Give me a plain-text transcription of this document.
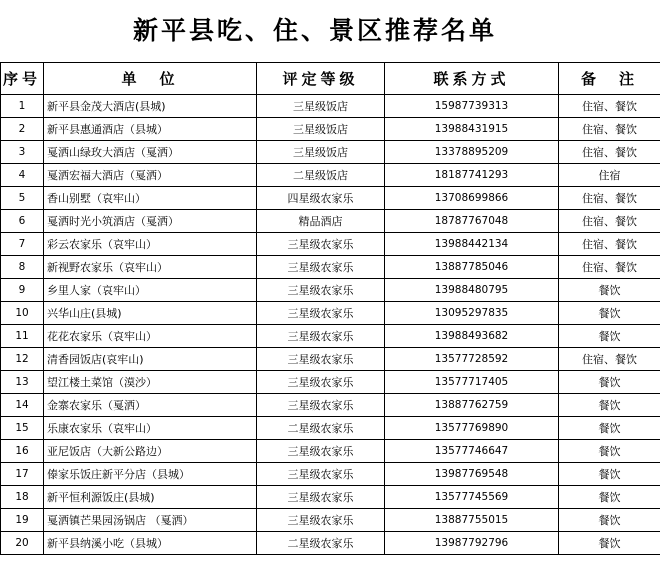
新平县吃、住、景区推荐名单
序号	单　位	评定等级	联系方式	备　注
1	新平县金茂大酒店(县城)	三星级饭店	15987739313	住宿、餐饮
2	新平县惠通酒店（县城）	三星级饭店	13988431915	住宿、餐饮
3	戛洒山绿玫大酒店（戛洒）	三星级饭店	13378895209	住宿、餐饮
4	戛洒宏福大酒店（戛洒）	二星级饭店	18187741293	住宿
5	香山别墅（哀牢山）	四星级农家乐	13708699866	住宿、餐饮
6	戛洒时光小筑酒店（戛洒）	精品酒店	18787767048	住宿、餐饮
7	彩云农家乐（哀牢山）	三星级农家乐	13988442134	住宿、餐饮
8	新视野农家乐（哀牢山）	三星级农家乐	13887785046	住宿、餐饮
9	乡里人家（哀牢山）	三星级农家乐	13988480795	餐饮
10	兴华山庄(县城)	三星级农家乐	13095297835	餐饮
11	花花农家乐（哀牢山）	三星级农家乐	13988493682	餐饮
12	清香园饭店(哀牢山)	三星级农家乐	13577728592	住宿、餐饮
13	望江楼土菜馆（漠沙）	三星级农家乐	13577717405	餐饮
14	金寨农家乐（戛洒）	三星级农家乐	13887762759	餐饮
15	乐康农家乐（哀牢山）	二星级农家乐	13577769890	餐饮
16	亚尼饭店（大新公路边）	三星级农家乐	13577746647	餐饮
17	傣家乐饭庄新平分店（县城）	三星级农家乐	13987769548	餐饮
18	新平恒利源饭庄(县城)	三星级农家乐	13577745569	餐饮
19	戛洒镇芒果园汤锅店 （戛洒）	三星级农家乐	13887755015	餐饮
20	新平县纳溪小吃（县城）	二星级农家乐	13987792796	餐饮
